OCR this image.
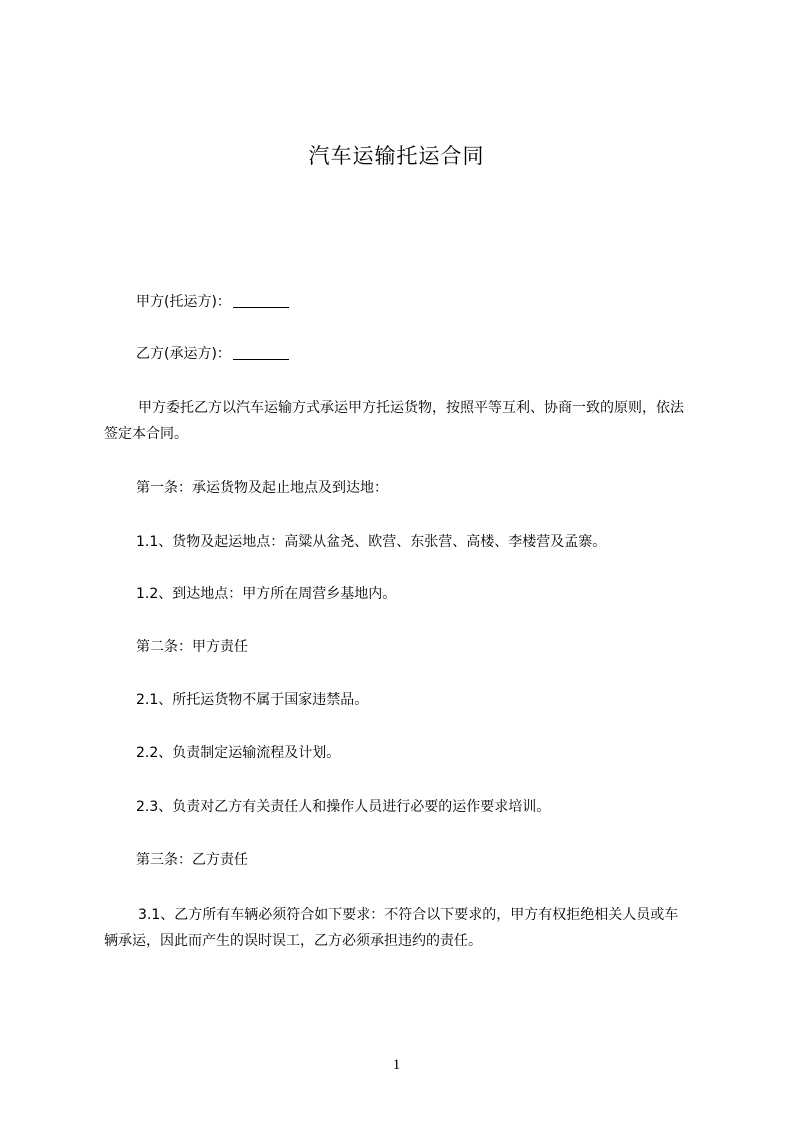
汽车运输托运合同
甲方(托运方)：
乙方(承运方)：

甲方委托乙方以汽车运输方式承运甲方托运货物，按照平等互利、协商一致的原则，依法签定本合同。

第一条：承运货物及起止地点及到达地：

1.1、货物及起运地点：高粱从盆尧、欧营、东张营、高楼、李楼营及孟寨。

1.2、到达地点：甲方所在周营乡基地内。

第二条：甲方责任

2.1、所托运货物不属于国家违禁品。

2.2、负责制定运输流程及计划。

2.3、负责对乙方有关责任人和操作人员进行必要的运作要求培训。

第三条：乙方责任

3.1、乙方所有车辆必须符合如下要求：不符合以下要求的，甲方有权拒绝相关人员或车辆承运，因此而产生的误时误工，乙方必须承担违约的责任。

1
